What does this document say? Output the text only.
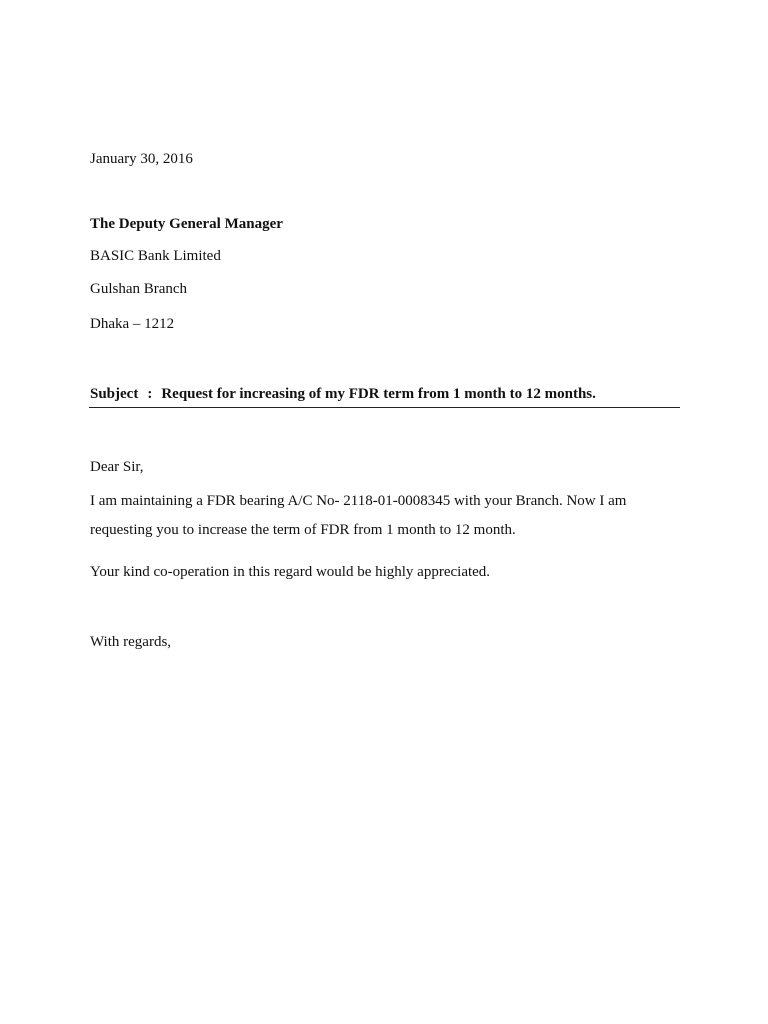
January 30, 2016
The Deputy General Manager
BASIC Bank Limited
Gulshan Branch
Dhaka – 1212
Subject : Request for increasing of my FDR term from 1 month to 12 months.
Dear Sir,
I am maintaining a FDR bearing A/C No- 2118-01-0008345 with your Branch. Now I am
requesting you to increase the term of FDR from 1 month to 12 month.
Your kind co-operation in this regard would be highly appreciated.
With regards,
